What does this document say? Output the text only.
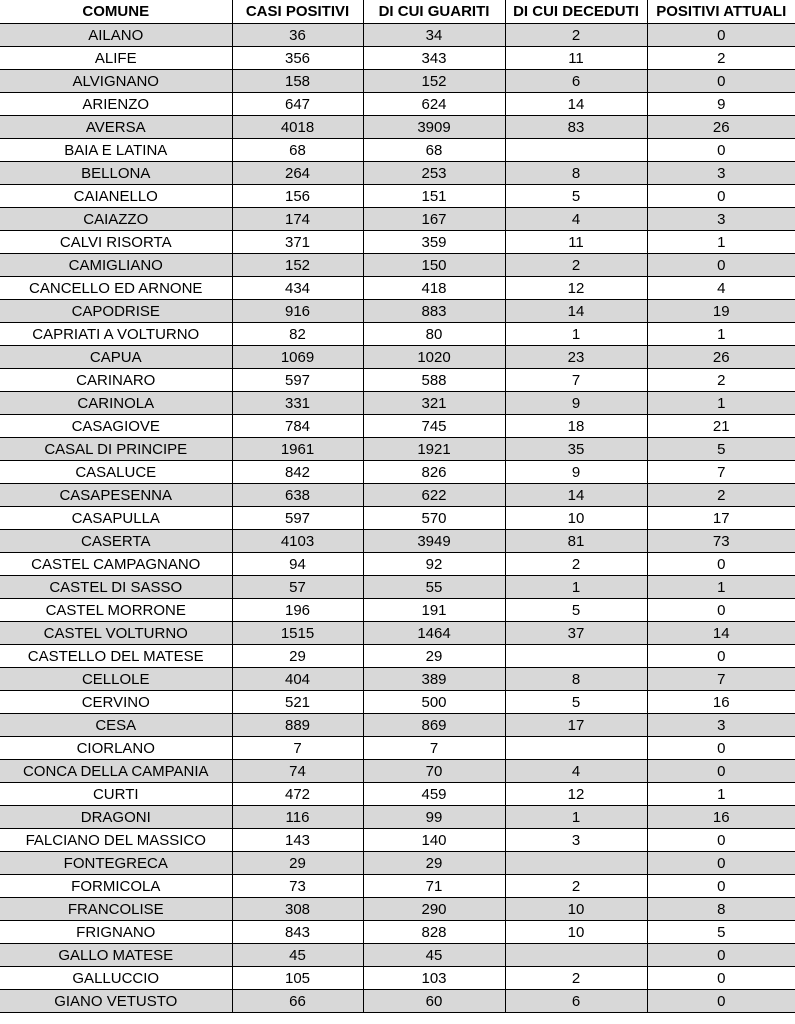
COMUNE	CASI POSITIVI	DI CUI GUARITI	DI CUI DECEDUTI	POSITIVI ATTUALI
AILANO	36	34	2	0
ALIFE	356	343	11	2
ALVIGNANO	158	152	6	0
ARIENZO	647	624	14	9
AVERSA	4018	3909	83	26
BAIA E LATINA	68	68		0
BELLONA	264	253	8	3
CAIANELLO	156	151	5	0
CAIAZZO	174	167	4	3
CALVI RISORTA	371	359	11	1
CAMIGLIANO	152	150	2	0
CANCELLO ED ARNONE	434	418	12	4
CAPODRISE	916	883	14	19
CAPRIATI A VOLTURNO	82	80	1	1
CAPUA	1069	1020	23	26
CARINARO	597	588	7	2
CARINOLA	331	321	9	1
CASAGIOVE	784	745	18	21
CASAL DI PRINCIPE	1961	1921	35	5
CASALUCE	842	826	9	7
CASAPESENNA	638	622	14	2
CASAPULLA	597	570	10	17
CASERTA	4103	3949	81	73
CASTEL CAMPAGNANO	94	92	2	0
CASTEL DI SASSO	57	55	1	1
CASTEL MORRONE	196	191	5	0
CASTEL VOLTURNO	1515	1464	37	14
CASTELLO DEL MATESE	29	29		0
CELLOLE	404	389	8	7
CERVINO	521	500	5	16
CESA	889	869	17	3
CIORLANO	7	7		0
CONCA DELLA CAMPANIA	74	70	4	0
CURTI	472	459	12	1
DRAGONI	116	99	1	16
FALCIANO DEL MASSICO	143	140	3	0
FONTEGRECA	29	29		0
FORMICOLA	73	71	2	0
FRANCOLISE	308	290	10	8
FRIGNANO	843	828	10	5
GALLO MATESE	45	45		0
GALLUCCIO	105	103	2	0
GIANO VETUSTO	66	60	6	0
